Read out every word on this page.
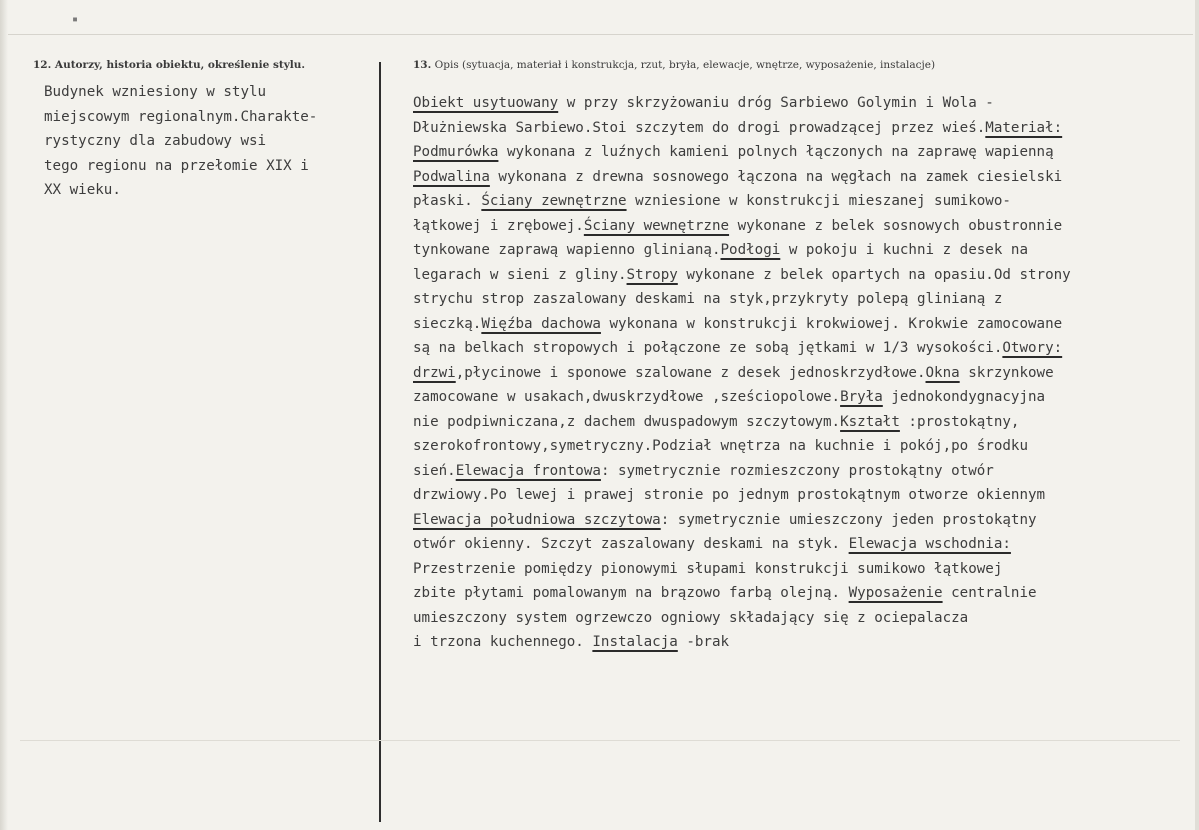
▪
12. Autorzy, historia obiektu, określenie stylu.	13. Opis (sytuacja, materiał i konstrukcja, rzut, bryła, elewacje, wnętrze, wyposażenie, instalacje)
Budynek wzniesiony w stylu
miejscowym regionalnym.Charakte-
rystyczny dla zabudowy wsi
tego regionu na przełomie XIX i
XX wieku.
Obiekt usytuowany w przy skrzyżowaniu dróg Sarbiewo Golymin i Wola -
Dłużniewska Sarbiewo.Stoi szczytem do drogi prowadzącej przez wieś.Materiał:
Podmurówka wykonana z luźnych kamieni polnych łączonych na zaprawę wapienną
Podwalina wykonana z drewna sosnowego łączona na węgłach na zamek ciesielski
płaski. Ściany zewnętrzne wzniesione w konstrukcji mieszanej sumikowo-
łątkowej i zrębowej.Ściany wewnętrzne wykonane z belek sosnowych obustronnie
tynkowane zaprawą wapienno glinianą.Podłogi w pokoju i kuchni z desek na
legarach w sieni z gliny.Stropy wykonane z belek opartych na opasiu.Od strony
strychu strop zaszalowany deskami na styk,przykryty polepą glinianą z
sieczką.Więźba dachowa wykonana w konstrukcji krokwiowej. Krokwie zamocowane
są na belkach stropowych i połączone ze sobą jętkami w 1/3 wysokości.Otwory:
drzwi,płycinowe i sponowe szalowane z desek jednoskrzydłowe.Okna skrzynkowe
zamocowane w usakach,dwuskrzydłowe ,sześciopolowe.Bryła jednokondygnacyjna
nie podpiwniczana,z dachem dwuspadowym szczytowym.Kształt :prostokątny,
szerokofrontowy,symetryczny.Podział wnętrza na kuchnie i pokój,po środku
sień.Elewacja frontowa: symetrycznie rozmieszczony prostokątny otwór
drzwiowy.Po lewej i prawej stronie po jednym prostokątnym otworze okiennym
Elewacja południowa szczytowa: symetrycznie umieszczony jeden prostokątny
otwór okienny. Szczyt zaszalowany deskami na styk. Elewacja wschodnia:
Przestrzenie pomiędzy pionowymi słupami konstrukcji sumikowo łątkowej
zbite płytami pomalowanym na brązowo farbą olejną. Wyposażenie centralnie
umieszczony system ogrzewczo ogniowy składający się z ociepalacza
i trzona kuchennego. Instalacja -brak
